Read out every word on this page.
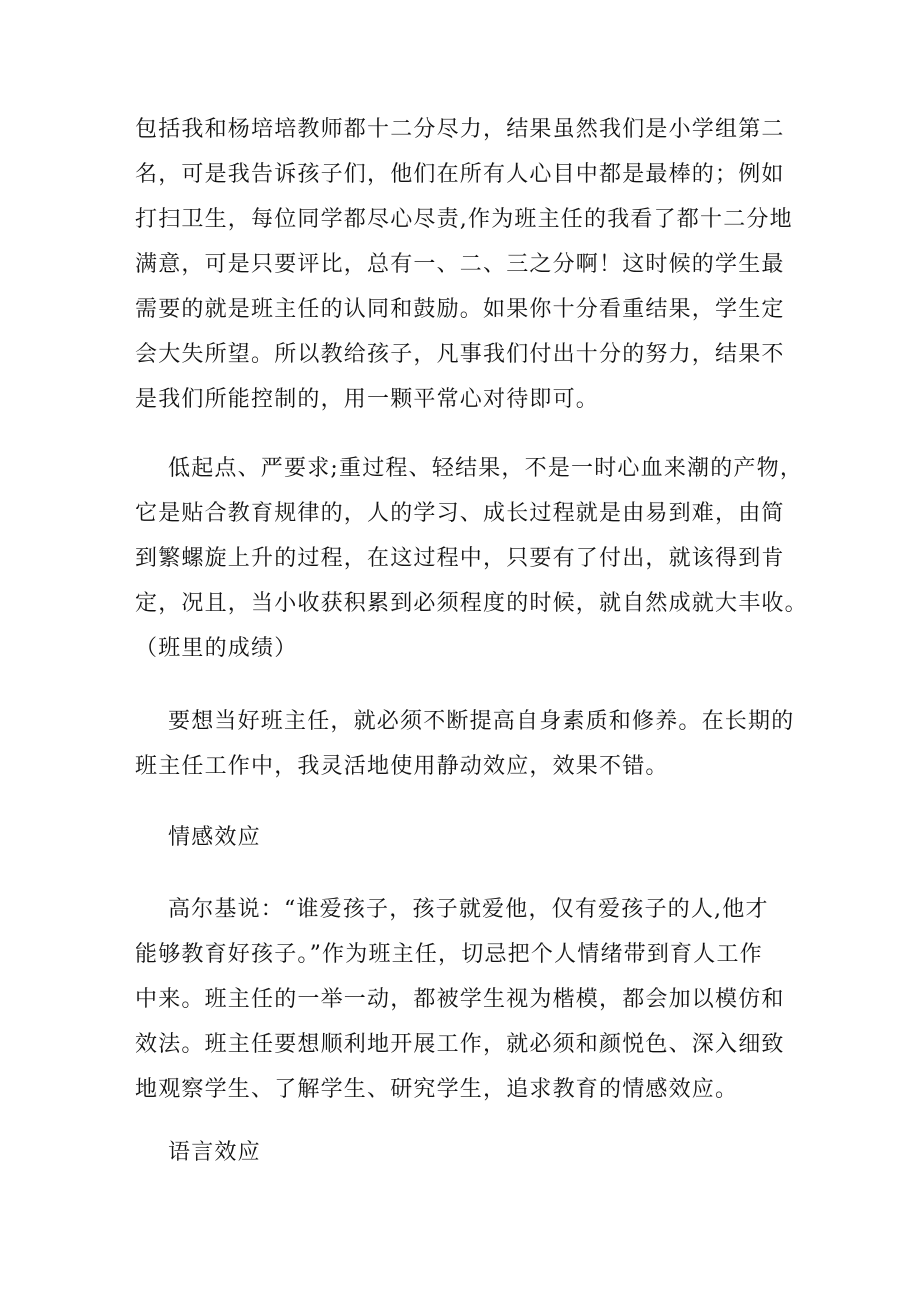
包括我和杨培培教师都十二分尽力，结果虽然我们是小学组第二
名，可是我告诉孩子们，他们在所有人心目中都是最棒的；例如
打扫卫生，每位同学都尽心尽责,作为班主任的我看了都十二分地
满意，可是只要评比，总有一、二、三之分啊！这时候的学生最
需要的就是班主任的认同和鼓励。如果你十分看重结果，学生定
会大失所望。所以教给孩子，凡事我们付出十分的努力，结果不
是我们所能控制的，用一颗平常心对待即可。
低起点、严要求;重过程、轻结果，不是一时心血来潮的产物，
它是贴合教育规律的，人的学习、成长过程就是由易到难，由简
到繁螺旋上升的过程，在这过程中，只要有了付出，就该得到肯
定，况且，当小收获积累到必须程度的时候，就自然成就大丰收。
（班里的成绩）
要想当好班主任，就必须不断提高自身素质和修养。在长期的
班主任工作中，我灵活地使用静动效应，效果不错。
情感效应
高尔基说：“谁爱孩子，孩子就爱他，仅有爱孩子的人,他才
能够教育好孩子。”作为班主任，切忌把个人情绪带到育人工作
中来。班主任的一举一动，都被学生视为楷模，都会加以模仿和
效法。班主任要想顺利地开展工作，就必须和颜悦色、深入细致
地观察学生、了解学生、研究学生，追求教育的情感效应。
语言效应
